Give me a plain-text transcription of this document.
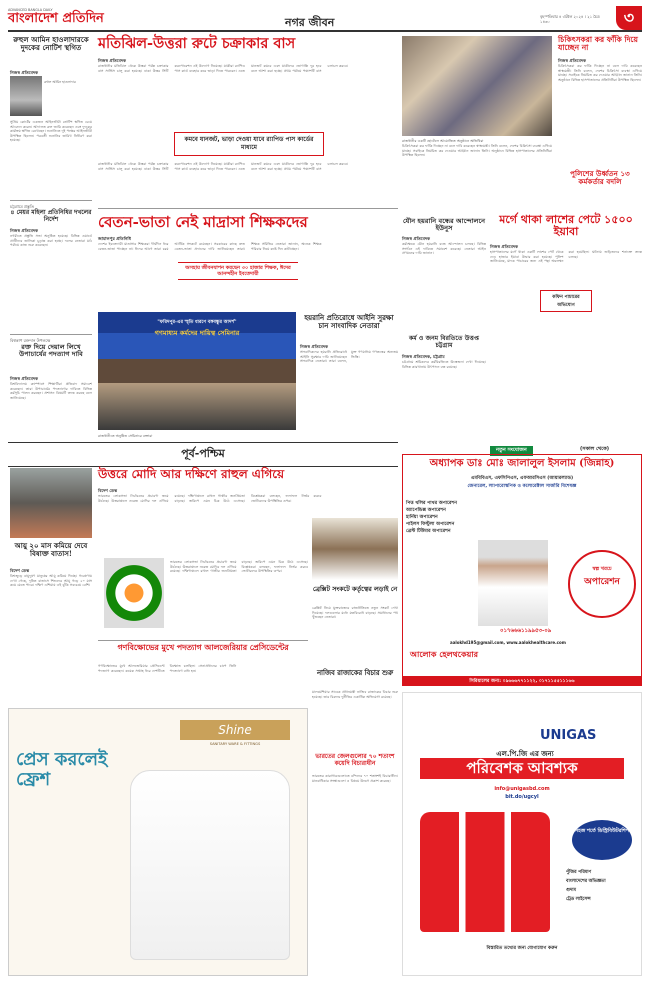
ADVANCED BANGLA DAILY
বাংলাদেশ প্রতিদিন	নগর জীবন	বৃহস্পতিবার ৪ এপ্রিল ২০২৪ । ২১ চৈত্র ১৪৩০	৩
রুহুল আমিন হাওলাদারকে দুদকের নোটিশ স্থগিত
নিজস্ব প্রতিবেদক
রুহুল আমিন হাওলাদার
সুপ্রিম কোর্টের একজন আইনজীবী নোটিশ স্থগিত চেয়ে আবেদন করেন। আদালত রুল জারি করেছেন এবং দুদকের কার্যক্রম স্থগিত রেখেছেন। শুনানিতে দুই পক্ষের আইনজীবী উপস্থিত ছিলেন। পরবর্তী শুনানির তারিখ নির্ধারণ করা হয়েছে।
চট্টগ্রামে প্রস্তুতি
৪ মেয়র মহিলা প্রতিনিধির দখলের নির্দেশ
নিজস্ব প্রতিবেদক
নগরীতে প্রস্তুতি সভা অনুষ্ঠিত হয়েছে। বিভিন্ন ওয়ার্ডে প্রার্থীদের তালিকা চূড়ান্ত করা হচ্ছে। দলের নেতারা মাঠ পর্যায়ে কাজ শুরু করেছেন।
বিশ্বকাপ রক্তদান উপলক্ষে
রক্ত দিয়ে দেয়াল লিখে উপাচার্যের পদত্যাগ দাবি
নিজস্ব প্রতিবেদক
বিশ্ববিদ্যালয় ক্যাম্পাসে শিক্ষার্থীরা প্রতিবাদ সমাবেশ করেছেন। তারা উপাচার্যের পদত্যাগের দাবিতে বিভিন্ন কর্মসূচি পালন করছেন। প্রশাসন বিষয়টি তদন্ত করছে বলে জানিয়েছে।
মতিঝিল-উত্তরা রুটে চক্রাকার বাস
নিজস্ব প্রতিবেদক
রাজধানীর মতিঝিল থেকে উত্তরা পর্যন্ত চক্রাকার বাস সার্ভিস চালু করা হয়েছে। ঢাকা উত্তর সিটি করপোরেশন এই উদ্যোগ নিয়েছে। যাত্রীরা র‌্যাপিড পাস কার্ড ব্যবহার করে ভাড়া দিতে পারবেন। এতে যানজট কমবে এবং যাত্রীদের ভোগান্তি দূর হবে বলে আশা করা হচ্ছে। প্রথম পর্যায়ে পঞ্চাশটি বাস চলাচল করবে।
কমবে যানজট, ভাড়া দেওয়া যাবে র‌্যাপিড পাস কার্ডের মাধ্যমে
রাজধানীর মতিঝিল থেকে উত্তরা পর্যন্ত চক্রাকার বাস সার্ভিস চালু করা হয়েছে। ঢাকা উত্তর সিটি করপোরেশন এই উদ্যোগ নিয়েছে। যাত্রীরা র‌্যাপিড পাস কার্ড ব্যবহার করে ভাড়া দিতে পারবেন। এতে যানজট কমবে এবং যাত্রীদের ভোগান্তি দূর হবে বলে আশা করা হচ্ছে। প্রথম পর্যায়ে পঞ্চাশটি বাস চলাচল করবে।
রাজধানীর একটি হোটেলে আয়োজিত অনুষ্ঠানে অতিথিরা
চিকিৎসকরা কর ফাঁকি দিচ্ছেন না বলে দাবি করেছেন স্বাস্থ্যমন্ত্রী। তিনি বলেন, দেশের চিকিৎসা ব্যবস্থা এগিয়ে যাচ্ছে। সবাইকে নিয়মিত কর দেওয়ার আহ্বান জানান তিনি। অনুষ্ঠানে বিভিন্ন হাসপাতালের প্রতিনিধিরা উপস্থিত ছিলেন।
চিকিৎসকরা কর ফাঁকি দিয়ে যাচ্ছেন না
নিজস্ব প্রতিবেদক
চিকিৎসকরা কর ফাঁকি দিচ্ছেন না বলে দাবি করেছেন স্বাস্থ্যমন্ত্রী। তিনি বলেন, দেশের চিকিৎসা ব্যবস্থা এগিয়ে যাচ্ছে। সবাইকে নিয়মিত কর দেওয়ার আহ্বান জানান তিনি। অনুষ্ঠানে বিভিন্ন হাসপাতালের প্রতিনিধিরা উপস্থিত ছিলেন।
বেতন-ভাতা নেই মাদ্রাসা শিক্ষকদের
জামালপুর প্রতিনিধি
দেশের ইবতেদায়ী মাদ্রাসার শিক্ষকরা দীর্ঘদিন ধরে বেতন-ভাতা পাচ্ছেন না। ঈদের আগে তারা চরম আর্থিক সংকটে রয়েছেন। সরকারের কাছে দ্রুত বেতন-ভাতা প্রদানের দাবি জানিয়েছেন তারা। শিক্ষক সমিতির নেতারা জানান, অনেক শিক্ষক পরিবার নিয়ে কষ্টে দিন কাটাচ্ছেন।
অসহায় জীবনযাপন করছেন ৩০ হাজার শিক্ষক, ঈদের আনন্দহীন ইবতেদায়ী
"ফরিদপুর-এর স্মৃতি ধারণে বঙ্গবন্ধুর আদর্শ"
গণমাধ্যম কর্মদের দায়িত্ব সেমিনার
রাজধানীতে অনুষ্ঠিত সেমিনারে বক্তারা
হয়রানি প্রতিরোধে আইনি সুরক্ষা চান সাংবাদিক নেতারা
নিজস্ব প্রতিবেদক
সাংবাদিকদের হয়রানি প্রতিরোধে আইনি সুরক্ষার দাবি জানিয়েছেন সাংবাদিক নেতারা। তারা বলেন, মুক্ত গণমাধ্যম গণতন্ত্রের অন্যতম ভিত্তি।
যৌন হয়রানি বন্ধের আন্দোলনে ইউনুস
নিজস্ব প্রতিবেদক
কর্মক্ষেত্রে যৌন হয়রানি বন্ধে আন্দোলন চলছে। বিভিন্ন সংগঠন এই দাবিতে সমাবেশ করেছে। নেতারা আইন প্রণয়নের দাবি জানান।
কর্ম ও জনম বিরতিতে উত্তপ্ত চট্টগ্রাম
নিজস্ব প্রতিবেদক, চট্টগ্রাম
চট্টগ্রামে শ্রমিকদের কর্মবিরতিতে উত্তেজনা দেখা দিয়েছে। বিভিন্ন কারখানায় উৎপাদন বন্ধ রয়েছে।
মর্গে থাকা লাশের পেটে ১৫০০ ইয়াবা
নিজস্ব প্রতিবেদক
হাসপাতালের মর্গে থাকা একটি লাশের পেট থেকে দেড় হাজার ইয়াবা উদ্ধার করা হয়েছে। পুলিশ জানিয়েছে, মাদক পাচারের জন্য এই পন্থা অবলম্বন করা হয়েছিল। ঘটনায় জড়িতদের শনাক্তে তদন্ত চলছে।
কফিন পাচারের অভিযোগ
পুলিশের উর্ধ্বতন ১৩ কর্মকর্তার বদলি
নতুন সংযোজন	(সকাল থেকে)
অধ্যাপক ডাঃ মোঃ জালালুল ইসলাম (জিন্নাহ)
এমবিবিএস, এফসিপিএস, এফআরসিএস (আয়ারল্যান্ড)
জেনারেল, ল্যাপারোস্কপিক ও কলোরেক্টাল সার্জারি বিশেষজ্ঞ
পিত্ত থলির পাথর অপারেশন
অ্যাপেন্ডিক্স অপারেশন
হার্নিয়া অপারেশন
পাইলস ফিস্টুলা অপারেশন
ব্রেস্ট টিউমার অপারেশন
স্বল্প খরচে
অপারেশন
০১৭৬৬৬১১৯৯৫৩-০৯
aalokhd195@gmail.com, www.aalokhealthcare.com
আলোক হেলথকেয়ার
সিরিয়ালের জন্য: ০৯৬৬৬৭৭১১২২, ০১৭১১৫৫১১১৬৬
পূর্ব-পশ্চিম
উত্তরে মোদি আর দক্ষিণে রাহুল এগিয়ে
বিদেশ ডেস্ক
ভারতের লোকসভা নির্বাচনের প্রচারণা জমে উঠেছে। উত্তরাঞ্চলে নরেন্দ্র মোদির দল এগিয়ে রয়েছে। দক্ষিণাঞ্চলে রাহুল গান্ধীর জনপ্রিয়তা বাড়ছে। জরিপে এমন চিত্র উঠে এসেছে। বিশ্লেষকরা বলছেন, ফলাফল নির্ভর করবে ভোটারদের উপস্থিতির ওপর।
ব্রেক্সিট সংকটে কর্তৃত্বের লড়াই নে
ব্রেক্সিট নিয়ে যুক্তরাজ্যের রাজনীতিতে নতুন সংকট দেখা দিয়েছে। দলগুলোর মধ্যে মতবিরোধ বাড়ছে। সমাধানের পথ খুঁজছেন নেতারা।
ভারতের লোকসভা নির্বাচনের প্রচারণা জমে উঠেছে। উত্তরাঞ্চলে নরেন্দ্র মোদির দল এগিয়ে রয়েছে। দক্ষিণাঞ্চলে রাহুল গান্ধীর জনপ্রিয়তা বাড়ছে। জরিপে এমন চিত্র উঠে এসেছে। বিশ্লেষকরা বলছেন, ফলাফল নির্ভর করবে ভোটারদের উপস্থিতির ওপর।
আয়ু ২০ মাস কমিয়ে দেবে বিষাক্ত বাতাস!
বিদেশ ডেস্ক
বিশ্বজুড়ে বায়ুদূষণ মানুষের আয়ু কমিয়ে দিচ্ছে। গবেষণায় দেখা গেছে, দূষিত বাতাসে শিশুদের আয়ু গড়ে ২০ মাস কমে যেতে পারে। দক্ষিণ এশিয়ায় এই ঝুঁকি সবচেয়ে বেশি।
গণবিক্ষোভের মুখে পদত্যাগ আলজেরিয়ার প্রেসিডেন্টের
গণবিক্ষোভের মুখে আলজেরিয়ার প্রেসিডেন্ট পদত্যাগ করেছেন। কয়েক সপ্তাহ ধরে দেশটিতে বিক্ষোভ চলছিল। সেনাপ্রধানের চাপে তিনি পদত্যাগে বাধ্য হন।	নাজিব রাজাকের বিচার শুরু
মালয়েশিয়ার সাবেক প্রধানমন্ত্রী নাজিব রাজাকের বিচার শুরু হয়েছে। তার বিরুদ্ধে দুর্নীতির একাধিক অভিযোগ রয়েছে।
ভারতের জেলগুলোর ৭০ শতাংশ কয়েদি বিচারাধীন
ভারতের কারাগারগুলোতে বন্দিদের ৭০ শতাংশই বিচারাধীন। মানবাধিকার সংস্থাগুলো এ বিষয়ে উদ্বেগ প্রকাশ করেছে।
প্রেস করলেই ফ্রেশ
Shine
SANITARY WARE & FITTINGS
UNIGAS
এল.পি.জি এর জন্য
পরিবেশক আবশ্যক
info@unigasbd.com
bit.do/ugcyl
সহজ শর্তে ডিস্ট্রিবিউটরশিপ
পুঁজির পরিমাণ
বাংলাদেশের অভিজ্ঞতা
গুদাম
ট্রেড লাইসেন্স
বিস্তারিত তথ্যের জন্য যোগাযোগ করুন
